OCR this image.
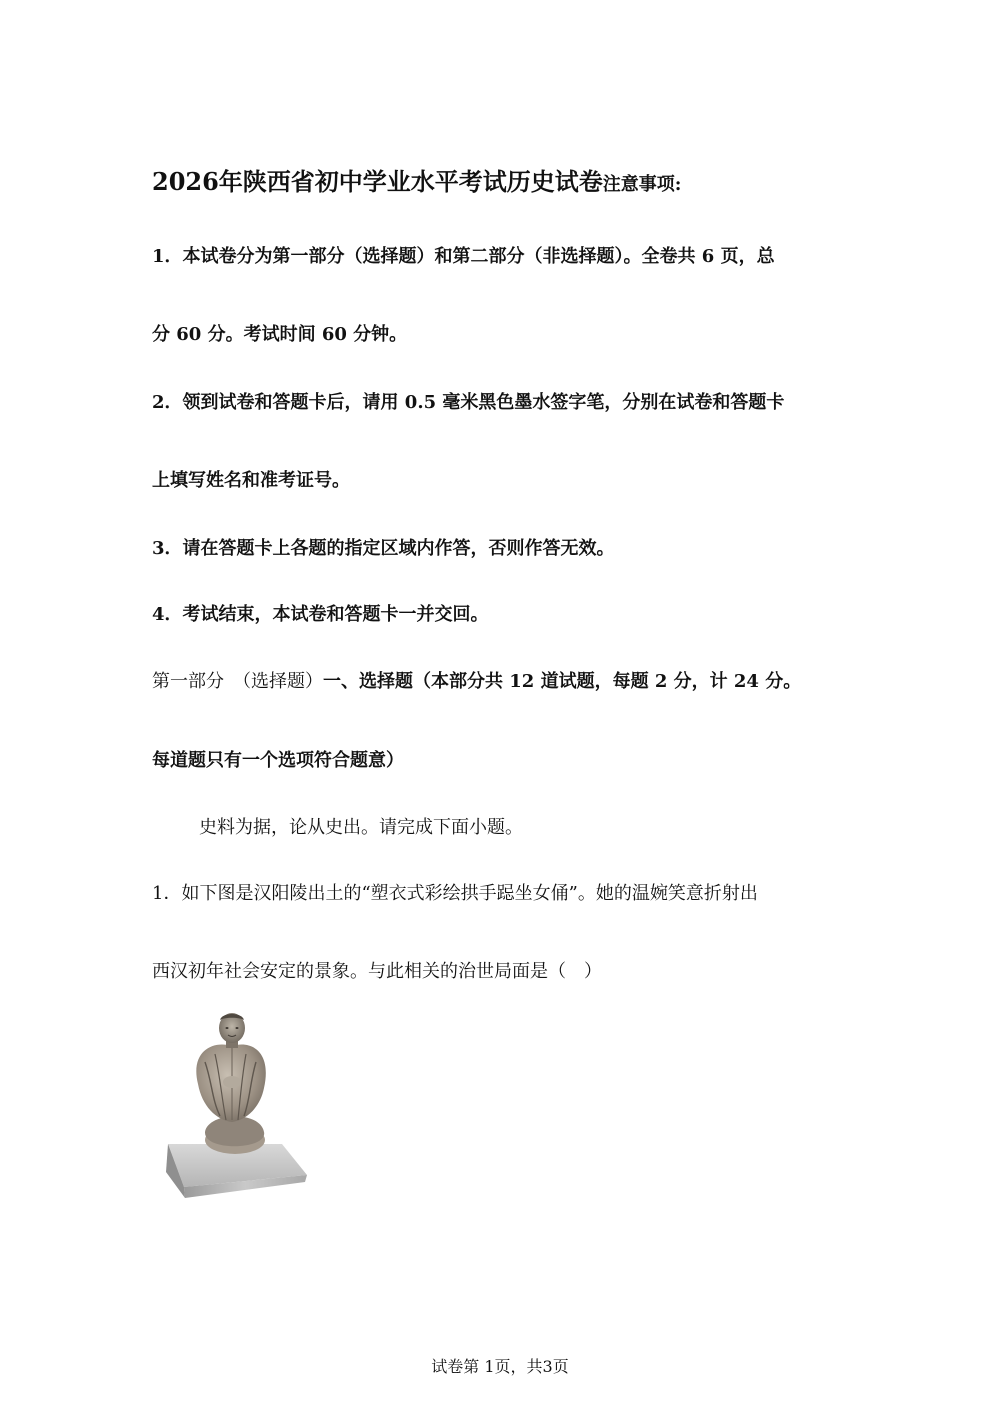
2026年陕西省初中学业水平考试历史试卷注意事项:
1．本试卷分为第一部分（选择题）和第二部分（非选择题）。全卷共 6 页，总
分 60 分。考试时间 60 分钟。
2．领到试卷和答题卡后，请用 0.5 毫米黑色墨水签字笔，分别在试卷和答题卡
上填写姓名和准考证号。
3．请在答题卡上各题的指定区域内作答，否则作答无效。
4．考试结束，本试卷和答题卡一并交回。
第一部分　（选择题）一、选择题（本部分共 12 道试题，每题 2 分，计 24 分。
每道题只有一个选项符合题意）
史料为据，论从史出。请完成下面小题。
1．如下图是汉阳陵出土的“塑衣式彩绘拱手跽坐女俑”。她的温婉笑意折射出
西汉初年社会安定的景象。与此相关的治世局面是（　）
试卷第 1页，共3页
